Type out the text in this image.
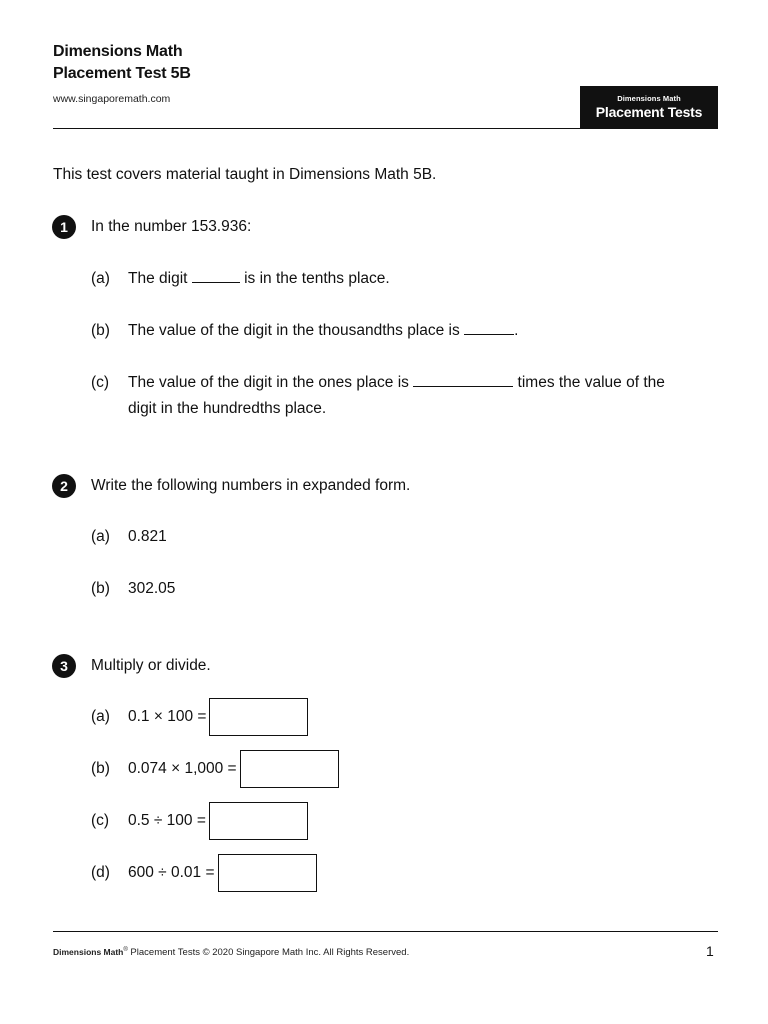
Dimensions Math
Placement Test 5B
www.singaporemath.com	Dimensions Math
Placement Tests
This test covers material taught in Dimensions Math 5B.
1	In the number 153.936:
(a) The digit	is in the tenths place.
(b) The value of the digit in the thousandths place is	.
(c) The value of the digit in the ones place is	times the value of the
digit in the hundredths place.
2	Write the following numbers in expanded form.
(a) 0.821
(b) 302.05
3	Multiply or divide.
(a) 0.1 × 100 =
(b) 0.074 × 1,000 =
(c) 0.5 ÷ 100 =
(d) 600 ÷ 0.01 =
Dimensions Math® Placement Tests © 2020 Singapore Math Inc. All Rights Reserved.	1
